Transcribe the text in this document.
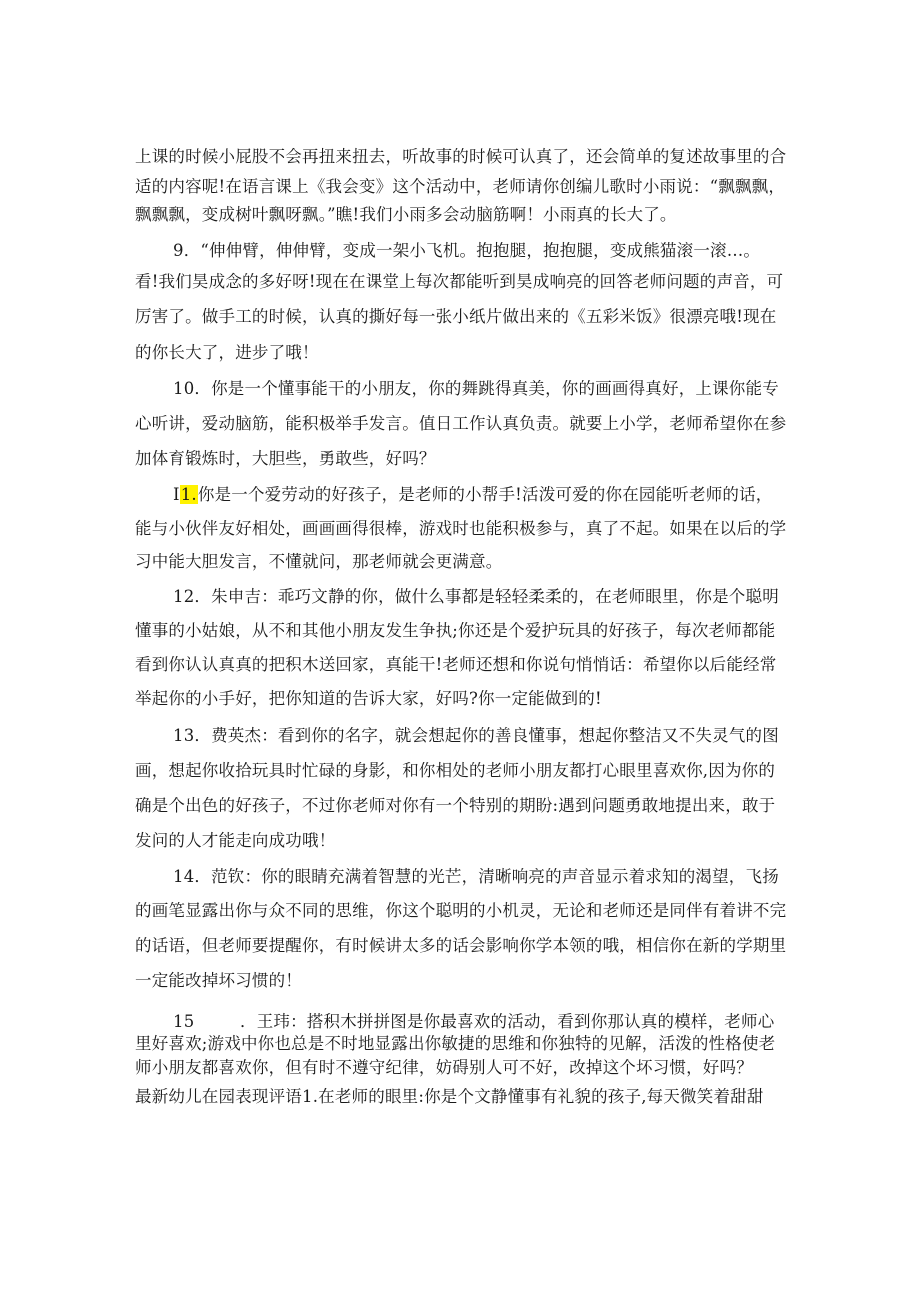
上课的时候小屁股不会再扭来扭去，听故事的时候可认真了，还会简单的复述故事里的合
适的内容呢!在语言课上《我会变》这个活动中，老师请你创编儿歌时小雨说：“飘飘飘，
飘飘飘，变成树叶飘呀飘。”瞧!我们小雨多会动脑筋啊！小雨真的长大了。
9．“伸伸臂，伸伸臂，变成一架小飞机。抱抱腿，抱抱腿，变成熊猫滚一滚…。
看!我们昊成念的多好呀!现在在课堂上每次都能听到昊成响亮的回答老师问题的声音，可
厉害了。做手工的时候，认真的撕好每一张小纸片做出来的《五彩米饭》很漂亮哦!现在
的你长大了，进步了哦！
10．你是一个懂事能干的小朋友，你的舞跳得真美，你的画画得真好，上课你能专
心听讲，爱动脑筋，能积极举手发言。值日工作认真负责。就要上小学，老师希望你在参
加体育锻炼时，大胆些，勇敢些，好吗？
I1.你是一个爱劳动的好孩子，是老师的小帮手!活泼可爱的你在园能听老师的话，
能与小伙伴友好相处，画画画得很棒，游戏时也能积极参与，真了不起。如果在以后的学
习中能大胆发言，不懂就问，那老师就会更满意。
12．朱申吉：乖巧文静的你，做什么事都是轻轻柔柔的，在老师眼里，你是个聪明
懂事的小姑娘，从不和其他小朋友发生争执;你还是个爱护玩具的好孩子，每次老师都能
看到你认认真真的把积木送回家，真能干!老师还想和你说句悄悄话：希望你以后能经常
举起你的小手好，把你知道的告诉大家，好吗?你一定能做到的!
13．费英杰：看到你的名字，就会想起你的善良懂事，想起你整洁又不失灵气的图
画，想起你收拾玩具时忙碌的身影，和你相处的老师小朋友都打心眼里喜欢你,因为你的
确是个出色的好孩子，不过你老师对你有一个特别的期盼:遇到问题勇敢地提出来，敢于
发问的人才能走向成功哦！
14．范钦：你的眼睛充满着智慧的光芒，清晰响亮的声音显示着求知的渴望，飞扬
的画笔显露出你与众不同的思维，你这个聪明的小机灵，无论和老师还是同伴有着讲不完
的话语，但老师要提醒你，有时候讲太多的话会影响你学本领的哦，相信你在新的学期里
一定能改掉坏习惯的！
15	．王玮：搭积木拼拼图是你最喜欢的活动，看到你那认真的模样，老师心
里好喜欢;游戏中你也总是不时地显露出你敏捷的思维和你独特的见解，活泼的性格使老
师小朋友都喜欢你，但有时不遵守纪律，妨碍别人可不好，改掉这个坏习惯，好吗？
最新幼儿在园表现评语1.在老师的眼里:你是个文静懂事有礼貌的孩子,每天微笑着甜甜
